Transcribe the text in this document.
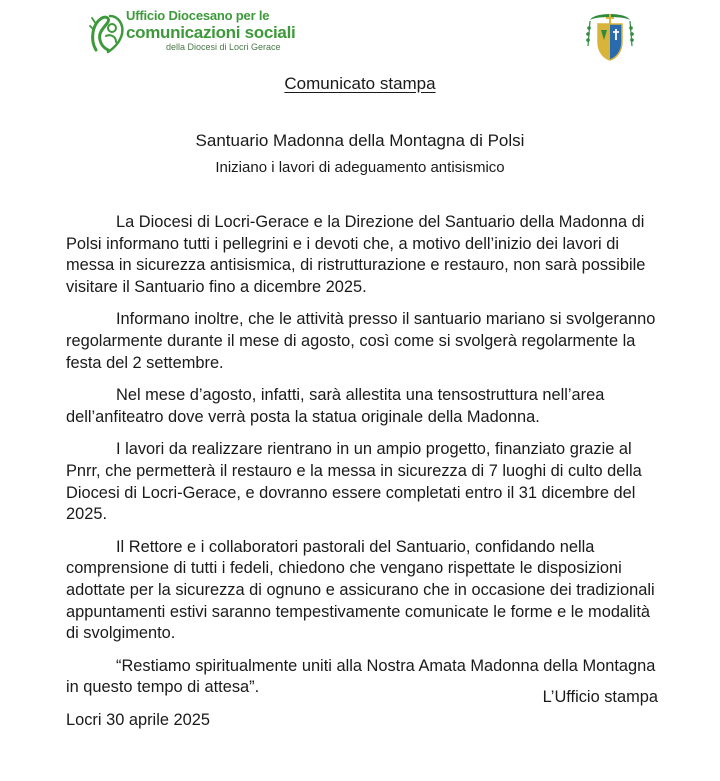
Ufficio Diocesano per le
comunicazioni sociali
della Diocesi di Locri Gerace
Comunicato stampa
Santuario Madonna della Montagna di Polsi
Iniziano i lavori di adeguamento antisismico

La Diocesi di Locri-Gerace e la Direzione del Santuario della Madonna di Polsi informano tutti i pellegrini e i devoti che, a motivo dell’inizio dei lavori di messa in sicurezza antisismica, di ristrutturazione e restauro, non sarà possibile visitare il Santuario fino a dicembre 2025.

Informano inoltre, che le attività presso il santuario mariano si svolgeranno regolarmente durante il mese di agosto, così come si svolgerà regolarmente la festa del 2 settembre.

Nel mese d’agosto, infatti, sarà allestita una tensostruttura nell’area dell’anfiteatro dove verrà posta la statua originale della Madonna.

I lavori da realizzare rientrano in un ampio progetto, finanziato grazie al Pnrr, che permetterà il restauro e la messa in sicurezza di 7 luoghi di culto della Diocesi di Locri-Gerace, e dovranno essere completati entro il 31 dicembre del 2025.

Il Rettore e i collaboratori pastorali del Santuario, confidando nella comprensione di tutti i fedeli, chiedono che vengano rispettate le disposizioni adottate per la sicurezza di ognuno e assicurano che in occasione dei tradizionali appuntamenti estivi saranno tempestivamente comunicate le forme e le modalità di svolgimento.

“Restiamo spiritualmente uniti alla Nostra Amata Madonna della Montagna in questo tempo di attesa”.

Locri 30 aprile 2025

L’Ufficio stampa
